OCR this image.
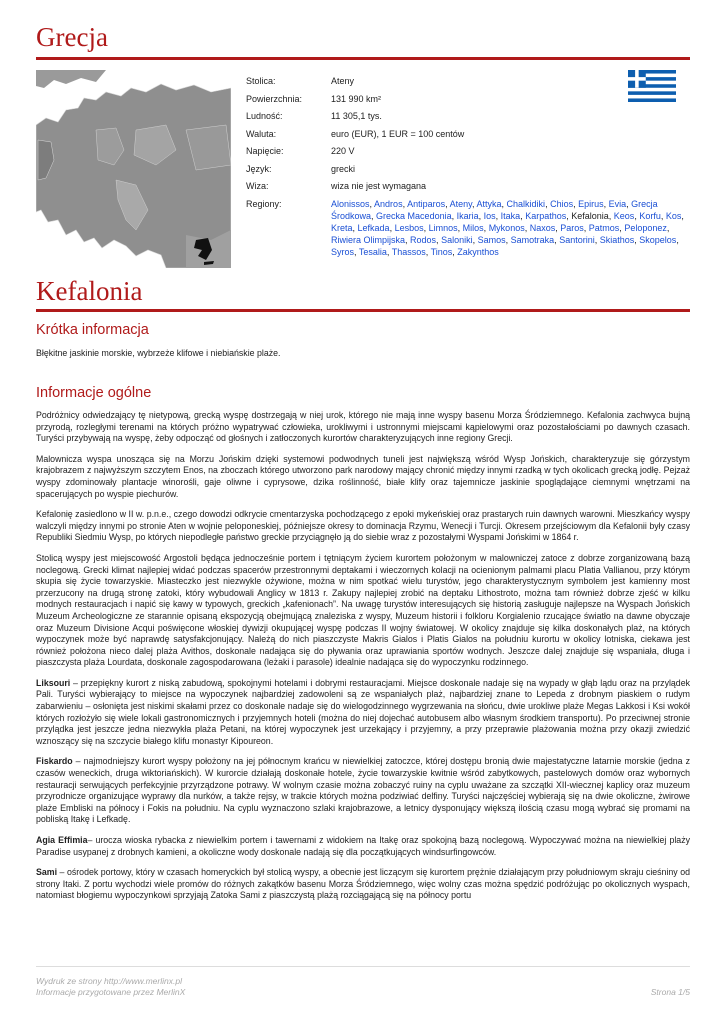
Grecja
Stolica:	Ateny
Powierzchnia:	131 990 km²
Ludność:	11 305,1 tys.
Waluta:	euro (EUR), 1 EUR = 100 centów
Napięcie:	220 V
Język:	grecki
Wiza:	wiza nie jest wymagana
Regiony:	Alonissos, Andros, Antiparos, Ateny, Attyka, Chalkidiki, Chios, Epirus, Evia, Grecja Środkowa, Grecka Macedonia, Ikaria, Ios, Itaka, Karpathos, Kefalonia, Keos, Korfu, Kos, Kreta, Lefkada, Lesbos, Limnos, Milos, Mykonos, Naxos, Paros, Patmos, Peloponez, Riwiera Olimpijska, Rodos, Saloniki, Samos, Samotraka, Santorini, Skiathos, Skopelos, Syros, Tesalia, Thassos, Tinos, Zakynthos
Kefalonia
Krótka informacja
Błękitne jaskinie morskie, wybrzeże klifowe i niebiańskie plaże.
Informacje ogólne

Podróżnicy odwiedzający tę nietypową, grecką wyspę dostrzegają w niej urok, którego nie mają inne wyspy basenu Morza Śródziemnego. Kefalonia zachwyca bujną przyrodą, rozległymi terenami na których próżno wypatrywać człowieka, urokliwymi i ustronnymi miejscami kąpielowymi oraz pozostałościami po dawnych czasach. Turyści przybywają na wyspę, żeby odpocząć od głośnych i zatłoczonych kurortów charakteryzujących inne regiony Grecji.

Malownicza wyspa unosząca się na Morzu Jońskim dzięki systemowi podwodnych tuneli jest największą wśród Wysp Jońskich, charakteryzuje się górzystym krajobrazem z najwyższym szczytem Enos, na zboczach którego utworzono park narodowy mający chronić między innymi rzadką w tych okolicach grecką jodłę. Pejzaż wyspy zdominowały plantacje winorośli, gaje oliwne i cyprysowe, dzika roślinność, białe klify oraz tajemnicze jaskinie spoglądające ciemnymi wnętrzami na spacerujących po wyspie piechurów.

Kefalonię zasiedlono w II w. p.n.e., czego dowodzi odkrycie cmentarzyska pochodzącego z epoki mykeńskiej oraz prastarych ruin dawnych warowni. Mieszkańcy wyspy walczyli między innymi po stronie Aten w wojnie peloponeskiej, późniejsze okresy to dominacja Rzymu, Wenecji i Turcji. Okresem przejściowym dla Kefalonii były czasy Republiki Siedmiu Wysp, po których niepodległe państwo greckie przyciągnęło ją do siebie wraz z pozostałymi Wyspami Jońskimi w 1864 r.

Stolicą wyspy jest miejscowość Argostoli będąca jednocześnie portem i tętniącym życiem kurortem położonym w malowniczej zatoce z dobrze zorganizowaną bazą noclegową. Grecki klimat najlepiej widać podczas spacerów przestronnymi deptakami i wieczornych kolacji na ocienionym palmami placu Platia Vallianou, przy którym skupia się życie towarzyskie. Miasteczko jest niezwykle ożywione, można w nim spotkać wielu turystów, jego charakterystycznym symbolem jest kamienny most przerzucony na drugą stronę zatoki, który wybudowali Anglicy w 1813 r. Zakupy najlepiej zrobić na deptaku Lithostroto, można tam również dobrze zjeść w kilku modnych restauracjach i napić się kawy w typowych, greckich „kafenionach”. Na uwagę turystów interesujących się historią zasługuje najlepsze na Wyspach Jońskich Muzeum Archeologiczne ze starannie opisaną ekspozycją obejmującą znaleziska z wyspy, Muzeum historii i folkloru Korgialenio rzucające światło na dawne obyczaje oraz Muzeum Divisione Acqui poświęcone włoskiej dywizji okupującej wyspę podczas II wojny światowej. W okolicy znajduje się kilka doskonałych plaż, na których wypoczynek może być naprawdę satysfakcjonujący. Należą do nich piaszczyste Makris Gialos i Platis Gialos na południu kurortu w okolicy lotniska, ciekawa jest również położona nieco dalej plaża Avithos, doskonale nadająca się do pływania oraz uprawiania sportów wodnych. Jeszcze dalej znajduje się wspaniała, długa i piaszczysta plaża Lourdata, doskonale zagospodarowana (leżaki i parasole) idealnie nadająca się do wypoczynku rodzinnego.

Liksouri – przepiękny kurort z niską zabudową, spokojnymi hotelami i dobrymi restauracjami. Miejsce doskonale nadaje się na wypady w głąb lądu oraz na przylądek Pali. Turyści wybierający to miejsce na wypoczynek najbardziej zadowoleni są ze wspaniałych plaż, najbardziej znane to Lepeda z drobnym piaskiem o rudym zabarwieniu – osłonięta jest niskimi skałami przez co doskonale nadaje się do wielogodzinnego wygrzewania na słońcu, dwie urokliwe plaże Megas Lakkosi i Ksi wokół których rozłożyło się wiele lokali gastronomicznych i przyjemnych hoteli (można do niej dojechać autobusem albo własnym środkiem transportu). Po przeciwnej stronie przylądka jest jeszcze jedna niezwykła plaża Petani, na której wypoczynek jest urzekający i przyjemny, a przy przeprawie plażowania można przy okazji zwiedzić wznoszący się na szczycie białego klifu monastyr Kipoureon.

Fiskardo – najmodniejszy kurort wyspy położony na jej północnym krańcu w niewielkiej zatoczce, której dostępu bronią dwie majestatyczne latarnie morskie (jedna z czasów weneckich, druga wiktoriańskich). W kurorcie działają doskonałe hotele, życie towarzyskie kwitnie wśród zabytkowych, pastelowych domów oraz wybornych restauracji serwujących perfekcyjnie przyrządzone potrawy. W wolnym czasie można zobaczyć ruiny na cyplu uważane za szczątki XII-wiecznej kaplicy oraz muzeum przyrodnicze organizujące wyprawy dla nurków, a także rejsy, w trakcie których można podziwiać delfiny. Turyści najczęściej wybierają się na dwie okoliczne, żwirowe plaże Embliski na północy i Fokis na południu. Na cyplu wyznaczono szlaki krajobrazowe, a letnicy dysponujący większą ilością czasu mogą wybrać się promami na pobliską Itakę i Lefkadę.

Agia Effimia– urocza wioska rybacka z niewielkim portem i tawernami z widokiem na Itakę oraz spokojną bazą noclegową. Wypoczywać można na niewielkiej plaży Paradise usypanej z drobnych kamieni, a okoliczne wody doskonale nadają się dla początkujących windsurfingowców.

Sami – ośrodek portowy, który w czasach homeryckich był stolicą wyspy, a obecnie jest liczącym się kurortem prężnie działającym przy południowym skraju cieśniny od strony Itaki. Z portu wychodzi wiele promów do różnych zakątków basenu Morza Śródziemnego, więc wolny czas można spędzić podróżując po okolicznych wyspach, natomiast błogiemu wypoczynkowi sprzyjają Zatoka Sami z piaszczystą plażą rozciągającą się na północy portu

Wydruk ze strony http://www.merlinx.pl
Informacje przygotowane przez MerlinX	Strona 1/5
